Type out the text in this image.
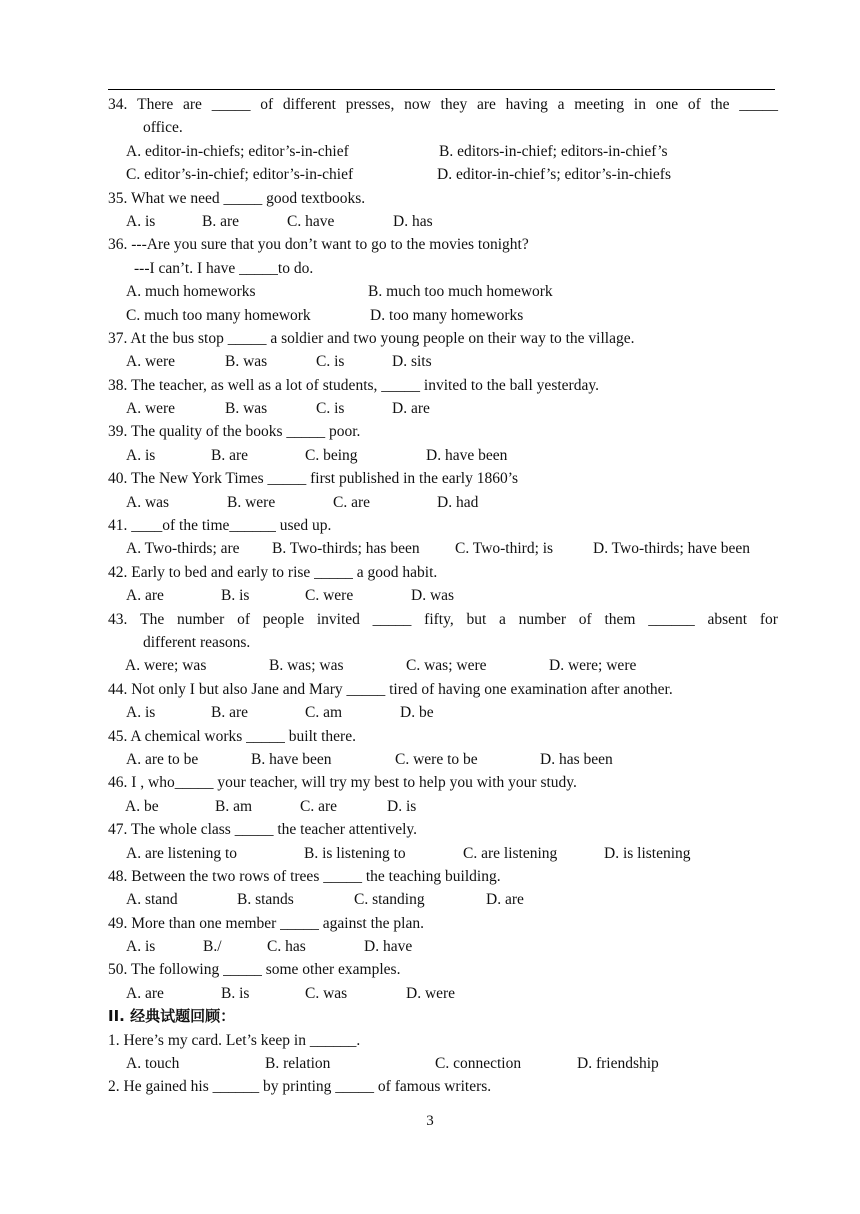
34. There are _____ of different presses, now they are having a meeting in one of the _____
office.
A. editor-in-chiefs; editor’s-in-chief	B. editors-in-chief; editors-in-chief’s
C. editor’s-in-chief; editor’s-in-chief	D. editor-in-chief’s; editor’s-in-chiefs
35. What we need _____ good textbooks.
A. is	B. are	C. have	D. has
36. ---Are you sure that you don’t want to go to the movies tonight?
---I can’t. I have _____to do.
A. much homeworks	B. much too much homework
C. much too many homework	D. too many homeworks
37. At the bus stop _____ a soldier and two young people on their way to the village.
A. were	B. was	C. is	D. sits
38. The teacher, as well as a lot of students, _____ invited to the ball yesterday.
A. were	B. was	C. is	D. are
39. The quality of the books _____ poor.
A. is	B. are	C. being	D. have been
40. The New York Times _____ first published in the early 1860’s
A. was	B. were	C. are	D. had
41. ____of the time______ used up.
A. Two-thirds; are B. Two-thirds; has been C. Two-third; is	D. Two-thirds; have been
42. Early to bed and early to rise _____ a good habit.
A. are	B. is	C. were	D. was
43. The number of people invited _____ fifty, but a number of them ______ absent for
different reasons.
A. were; was	B. was; was	C. was; were	D. were; were
44. Not only I but also Jane and Mary _____ tired of having one examination after another.
A. is	B. are	C. am	D. be
45. A chemical works _____ built there.
A. are to be	B. have been	C. were to be	D. has been
46. I , who_____ your teacher, will try my best to help you with your study.
A. be	B. am	C. are	D. is
47. The whole class _____ the teacher attentively.
A. are listening to	B. is listening to	C. are listening	D. is listening
48. Between the two rows of trees _____ the teaching building.
A. stand	B. stands	C. standing	D. are
49. More than one member _____ against the plan.
A. is	B./	C. has	D. have
50. The following _____ some other examples.
A. are	B. is	C. was	D. were
II. 经典试题回顾：
1. Here’s my card. Let’s keep in ______.
A. touch	B. relation	C. connection	D. friendship
2. He gained his ______ by printing _____ of famous writers.
3
